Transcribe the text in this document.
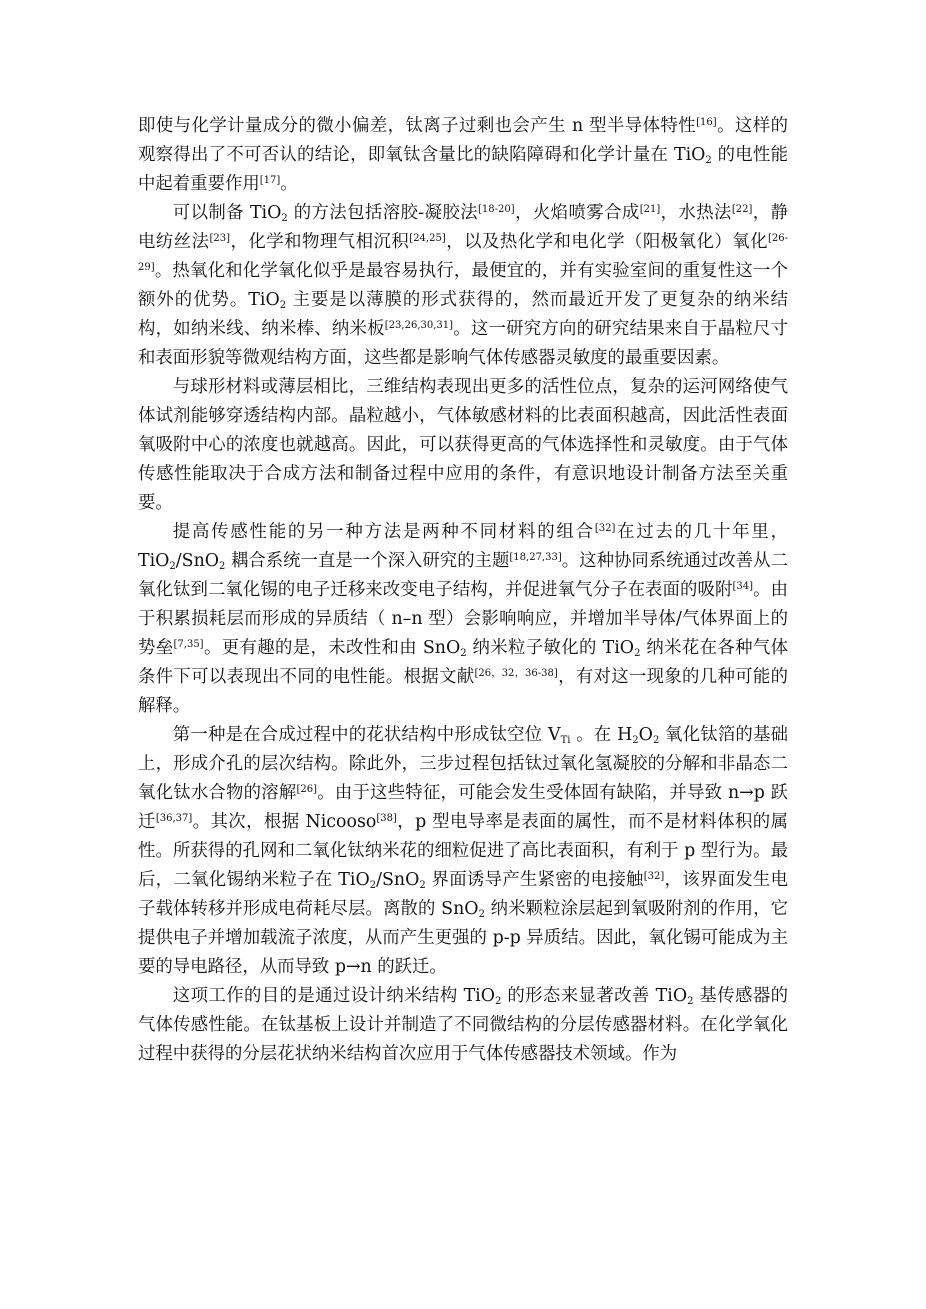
即使与化学计量成分的微小偏差，钛离子过剩也会产生 n 型半导体特性[16]。这样的观察得出了不可否认的结论，即氧钛含量比的缺陷障碍和化学计量在 TiO$_2$ 的电性能中起着重要作用[17]。

可以制备 TiO$_2$ 的方法包括溶胶-凝胶法[18-20]，火焰喷雾合成[21]，水热法[22]，静电纺丝法[23]，化学和物理气相沉积[24,25]，以及热化学和电化学（阳极氧化）氧化[26-29]。热氧化和化学氧化似乎是最容易执行，最便宜的，并有实验室间的重复性这一个额外的优势。TiO$_2$ 主要是以薄膜的形式获得的，然而最近开发了更复杂的纳米结构，如纳米线、纳米棒、纳米板[23,26,30,31]。这一研究方向的研究结果来自于晶粒尺寸和表面形貌等微观结构方面，这些都是影响气体传感器灵敏度的最重要因素。

与球形材料或薄层相比，三维结构表现出更多的活性位点，复杂的运河网络使气体试剂能够穿透结构内部。晶粒越小，气体敏感材料的比表面积越高，因此活性表面氧吸附中心的浓度也就越高。因此，可以获得更高的气体选择性和灵敏度。由于气体传感性能取决于合成方法和制备过程中应用的条件，有意识地设计制备方法至关重要。

提高传感性能的另一种方法是两种不同材料的组合[32]在过去的几十年里，TiO$_2$/SnO$_2$ 耦合系统一直是一个深入研究的主题[18,27,33]。这种协同系统通过改善从二氧化钛到二氧化锡的电子迁移来改变电子结构，并促进氧气分子在表面的吸附[34]。由于积累损耗层而形成的异质结（ n–n 型）会影响响应，并增加半导体/气体界面上的势垒[7,35]。更有趣的是，未改性和由 SnO$_2$ 纳米粒子敏化的 TiO$_2$ 纳米花在各种气体条件下可以表现出不同的电性能。根据文献[26，32，36-38]，有对这一现象的几种可能的解释。

第一种是在合成过程中的花状结构中形成钛空位 $V_{Ti}$ 。在 $H_2O_2$ 氧化钛箔的基础上，形成介孔的层次结构。除此外，三步过程包括钛过氧化氢凝胶的分解和非晶态二氧化钛水合物的溶解[26]。由于这些特征，可能会发生受体固有缺陷，并导致 n→p 跃迁[36,37]。其次，根据 Nicooso[38]，p 型电导率是表面的属性，而不是材料体积的属性。所获得的孔网和二氧化钛纳米花的细粒促进了高比表面积，有利于 p 型行为。最后，二氧化锡纳米粒子在 TiO$_2$/SnO$_2$ 界面诱导产生紧密的电接触[32]，该界面发生电子载体转移并形成电荷耗尽层。离散的 SnO$_2$ 纳米颗粒涂层起到氧吸附剂的作用，它提供电子并增加载流子浓度，从而产生更强的 p-p 异质结。因此，氧化锡可能成为主要的导电路径，从而导致 p→n 的跃迁。

这项工作的目的是通过设计纳米结构 TiO$_2$ 的形态来显著改善 TiO$_2$ 基传感器的气体传感性能。在钛基板上设计并制造了不同微结构的分层传感器材料。在化学氧化过程中获得的分层花状纳米结构首次应用于气体传感器技术领域。作为
